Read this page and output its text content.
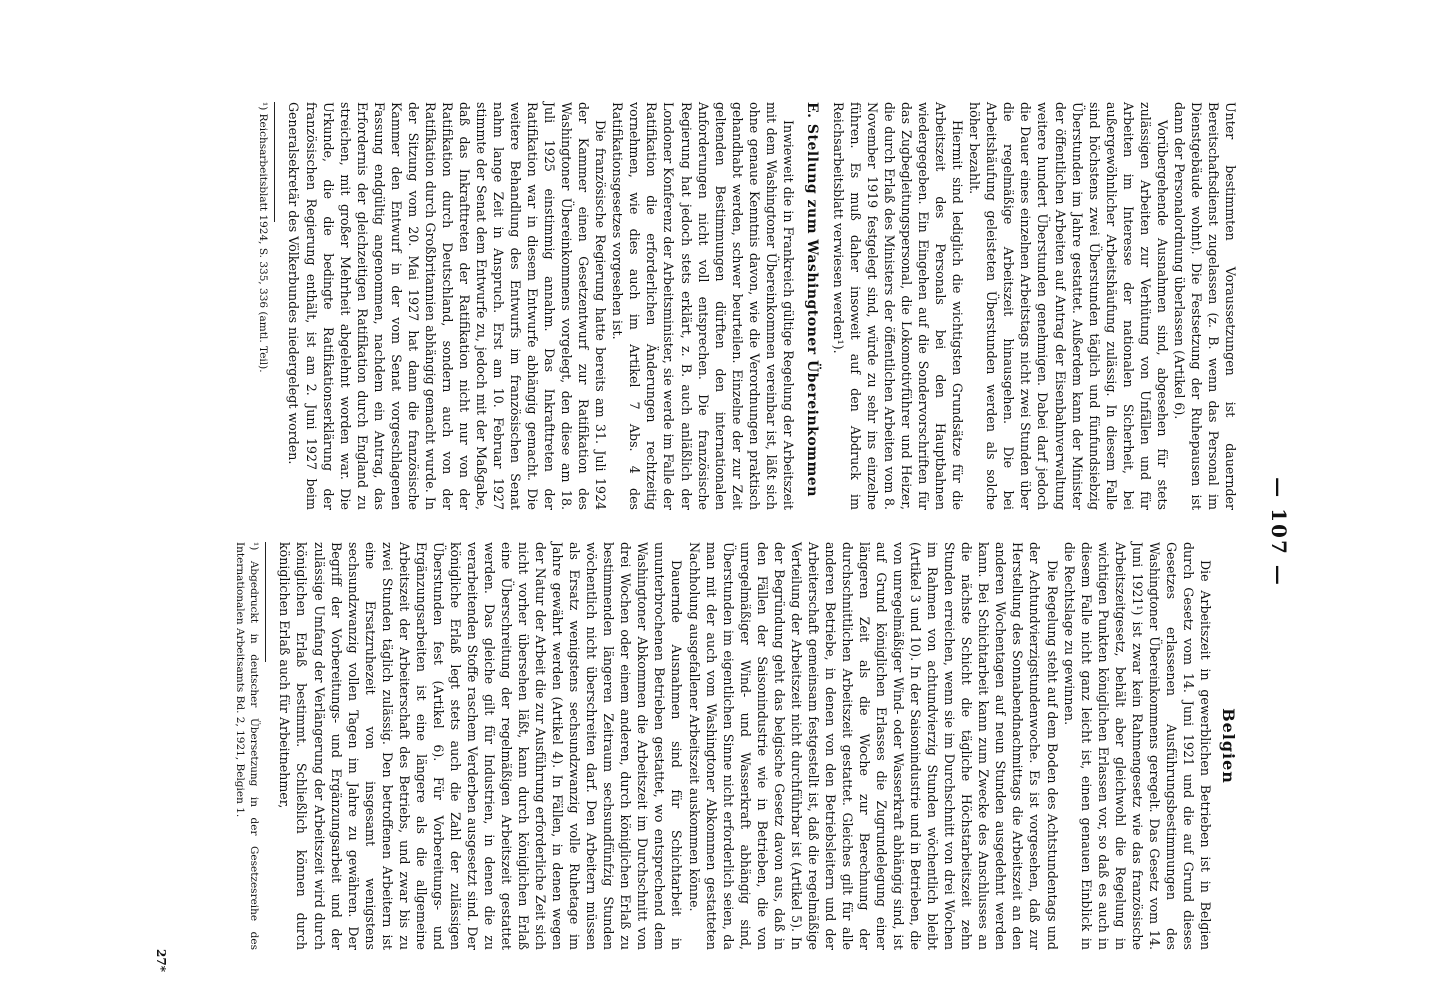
— 107 —

Unter bestimmten Voraussetzungen ist dauernder Bereitschaftsdienst zugelassen (z. B. wenn das Personal im Dienstgebäude wohnt). Die Festsetzung der Ruhepausen ist dann der Personalordnung überlassen (Artikel 6).

Vorübergehende Ausnahmen sind, abgesehen für stets zulässigen Arbeiten zur Verhütung von Unfällen und für Arbeiten im Interesse der nationalen Sicherheit, bei außergewöhnlicher Arbeitshäufung zulässig. In diesem Falle sind höchstens zwei Überstunden täglich und fünfundsiebzig Überstunden im Jahre gestattet. Außerdem kann der Minister der öffentlichen Arbeiten auf Antrag der Eisenbahnverwaltung weitere hundert Überstunden genehmigen. Dabei darf jedoch die Dauer eines einzelnen Arbeitstags nicht zwei Stunden über die regelmäßige Arbeitszeit hinausgehen. Die bei Arbeitshäufung geleisteten Überstunden werden als solche höher bezahlt.

Hiermit sind lediglich die wichtigsten Grundsätze für die Arbeitszeit des Personals bei den Hauptbahnen wiedergegeben. Ein Eingehen auf die Sondervorschriften für das Zugbegleitungspersonal, die Lokomotivführer und Heizer, die durch Erlaß des Ministers der öffentlichen Arbeiten vom 8. November 1919 festgelegt sind, würde zu sehr ins einzelne führen. Es muß daher insoweit auf den Abdruck im Reichsarbeitsblatt verwiesen werden¹).

E. Stellung zum Washingtoner Übereinkommen

Inwieweit die in Frankreich gültige Regelung der Arbeitszeit mit dem Washingtoner Übereinkommen vereinbar ist, läßt sich ohne genaue Kenntnis davon, wie die Verordnungen praktisch gehandhabt werden, schwer beurteilen. Einzelne der zur Zeit geltenden Bestimmungen dürften den internationalen Anforderungen nicht voll entsprechen. Die französische Regierung hat jedoch stets erklärt, z. B. auch anläßlich der Londoner Konferenz der Arbeitsminister, sie werde im Falle der Ratifikation die erforderlichen Änderungen rechtzeitig vornehmen, wie dies auch im Artikel 7 Abs. 4 des Ratifikationsgesetzes vorgesehen ist.

Die französische Regierung hatte bereits am 31. Juli 1924 der Kammer einen Gesetzentwurf zur Ratifikation des Washingtoner Übereinkommens vorgelegt, den diese am 18. Juli 1925 einstimmig annahm. Das Inkrafttreten der Ratifikation war in diesem Entwurfe abhängig gemacht. Die weitere Behandlung des Entwurfs im französischen Senat nahm lange Zeit in Anspruch. Erst am 10. Februar 1927 stimmte der Senat dem Entwurfe zu, jedoch mit der Maßgabe, daß das Inkrafttreten der Ratifikation nicht nur von der Ratifikation durch Deutschland, sondern auch von der Ratifikation durch Großbritannien abhängig gemacht wurde. In der Sitzung vom 20. Mai 1927 hat dann die französische Kammer den Entwurf in der vom Senat vorgeschlagenen Fassung endgültig angenommen, nachdem ein Antrag, das Erfordernis der gleichzeitigen Ratifikation durch England zu streichen, mit großer Mehrheit abgelehnt worden war. Die Urkunde, die die bedingte Ratifikationserklärung der französischen Regierung enthält, ist am 2. Juni 1927 beim Generalsekretär des Völkerbundes niedergelegt worden.

¹) Reichsarbeitsblatt 1924, S. 335, 336 (amtl. Teil).
Belgien

Die Arbeitszeit in gewerblichen Betrieben ist in Belgien durch Gesetz vom 14. Juni 1921 und die auf Grund dieses Gesetzes erlassenen Ausführungsbestimmungen des Washingtoner Übereinkommens geregelt. Das Gesetz vom 14. Juni 1921¹) ist zwar kein Rahmengesetz wie das französische Arbeitszeitgesetz, behält aber gleichwohl die Regelung in wichtigen Punkten königlichen Erlassen vor, so daß es auch in diesem Falle nicht ganz leicht ist, einen genauen Einblick in die Rechtslage zu gewinnen.

Die Regelung steht auf dem Boden des Achtstundentags und der Achtundvierzigstundenwoche. Es ist vorgesehen, daß zur Herstellung des Sonnabendnachmittags die Arbeitszeit an den anderen Wochentagen auf neun Stunden ausgedehnt werden kann. Bei Schichtarbeit kann zum Zwecke des Anschlusses an die nächste Schicht die tägliche Höchstarbeitszeit zehn Stunden erreichen, wenn sie im Durchschnitt von drei Wochen im Rahmen von achtundvierzig Stunden wöchentlich bleibt (Artikel 3 und 10). In der Saisonindustrie und in Betrieben, die von unregelmäßiger Wind- oder Wasserkraft abhängig sind, ist auf Grund königlichen Erlasses die Zugrundelegung einer längeren Zeit als die Woche zur Berechnung der durchschnittlichen Arbeitszeit gestattet. Gleiches gilt für alle anderen Betriebe, in denen von den Betriebsleitern und der Arbeiterschaft gemeinsam festgestellt ist, daß die regelmäßige Verteilung der Arbeitszeit nicht durchführbar ist (Artikel 5). In der Begründung geht das belgische Gesetz davon aus, daß in den Fällen der Saisonindustrie wie in Betrieben, die von unregelmäßiger Wind- und Wasserkraft abhängig sind, Überstunden im eigentlichen Sinne nicht erforderlich seien, da man mit der auch vom Washingtoner Abkommen gestatteten Nachholung ausgefallener Arbeitszeit auskommen könne.

Dauernde Ausnahmen sind für Schichtarbeit in ununterbrochenen Betrieben gestattet, wo entsprechend dem Washingtoner Abkommen die Arbeitszeit im Durchschnitt von drei Wochen oder einem anderen, durch königlichen Erlaß zu bestimmenden längeren Zeitraum sechsundfünfzig Stunden wöchentlich nicht überschreiten darf. Den Arbeitern müssen als Ersatz wenigstens sechsundzwanzig volle Ruhetage im Jahre gewährt werden (Artikel 4). In Fällen, in denen wegen der Natur der Arbeit die zur Ausführung erforderliche Zeit sich nicht vorher übersehen läßt, kann durch königlichen Erlaß eine Überschreitung der regelmäßigen Arbeitszeit gestattet werden. Das gleiche gilt für Industrien, in denen die zu verarbeitenden Stoffe raschem Verderben ausgesetzt sind. Der königliche Erlaß legt stets auch die Zahl der zulässigen Überstunden fest (Artikel 6). Für Vorbereitungs- und Ergänzungsarbeiten ist eine längere als die allgemeine Arbeitszeit der Arbeiterschaft des Betriebs, und zwar bis zu zwei Stunden täglich zulässig. Den betroffenen Arbeitern ist eine Ersatzruhezeit von insgesamt wenigstens sechsundzwanzig vollen Tagen im Jahre zu gewähren. Der Begriff der Vorbereitungs- und Ergänzungsarbeit und der zulässige Umfang der Verlängerung der Arbeitszeit wird durch königlichen Erlaß bestimmt. Schließlich können durch königlichen Erlaß auch für Arbeitnehmer,

¹) Abgedruckt in deutscher Übersetzung in der Gesetzesreihe des Internationalen Arbeitsamts Bd. 2, 1921, Belgien 1.
27*
